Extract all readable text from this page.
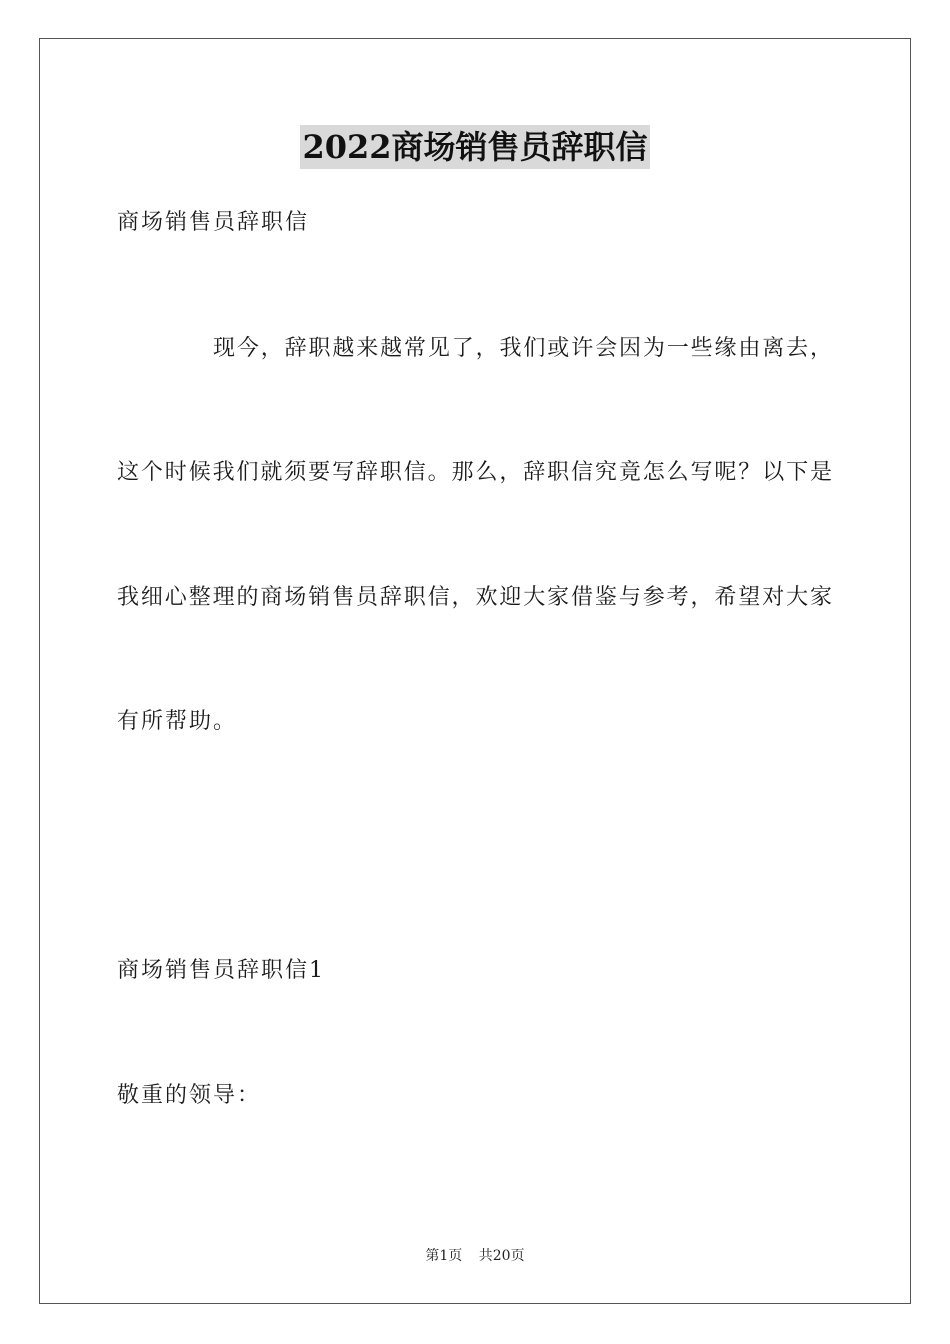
2022商场销售员辞职信
商场销售员辞职信
现今，辞职越来越常见了，我们或许会因为一些缘由离去，
这个时候我们就须要写辞职信。那么，辞职信究竟怎么写呢？以下是
我细心整理的商场销售员辞职信，欢迎大家借鉴与参考，希望对大家
有所帮助。
商场销售员辞职信1
敬重的领导：
第1页 共20页
